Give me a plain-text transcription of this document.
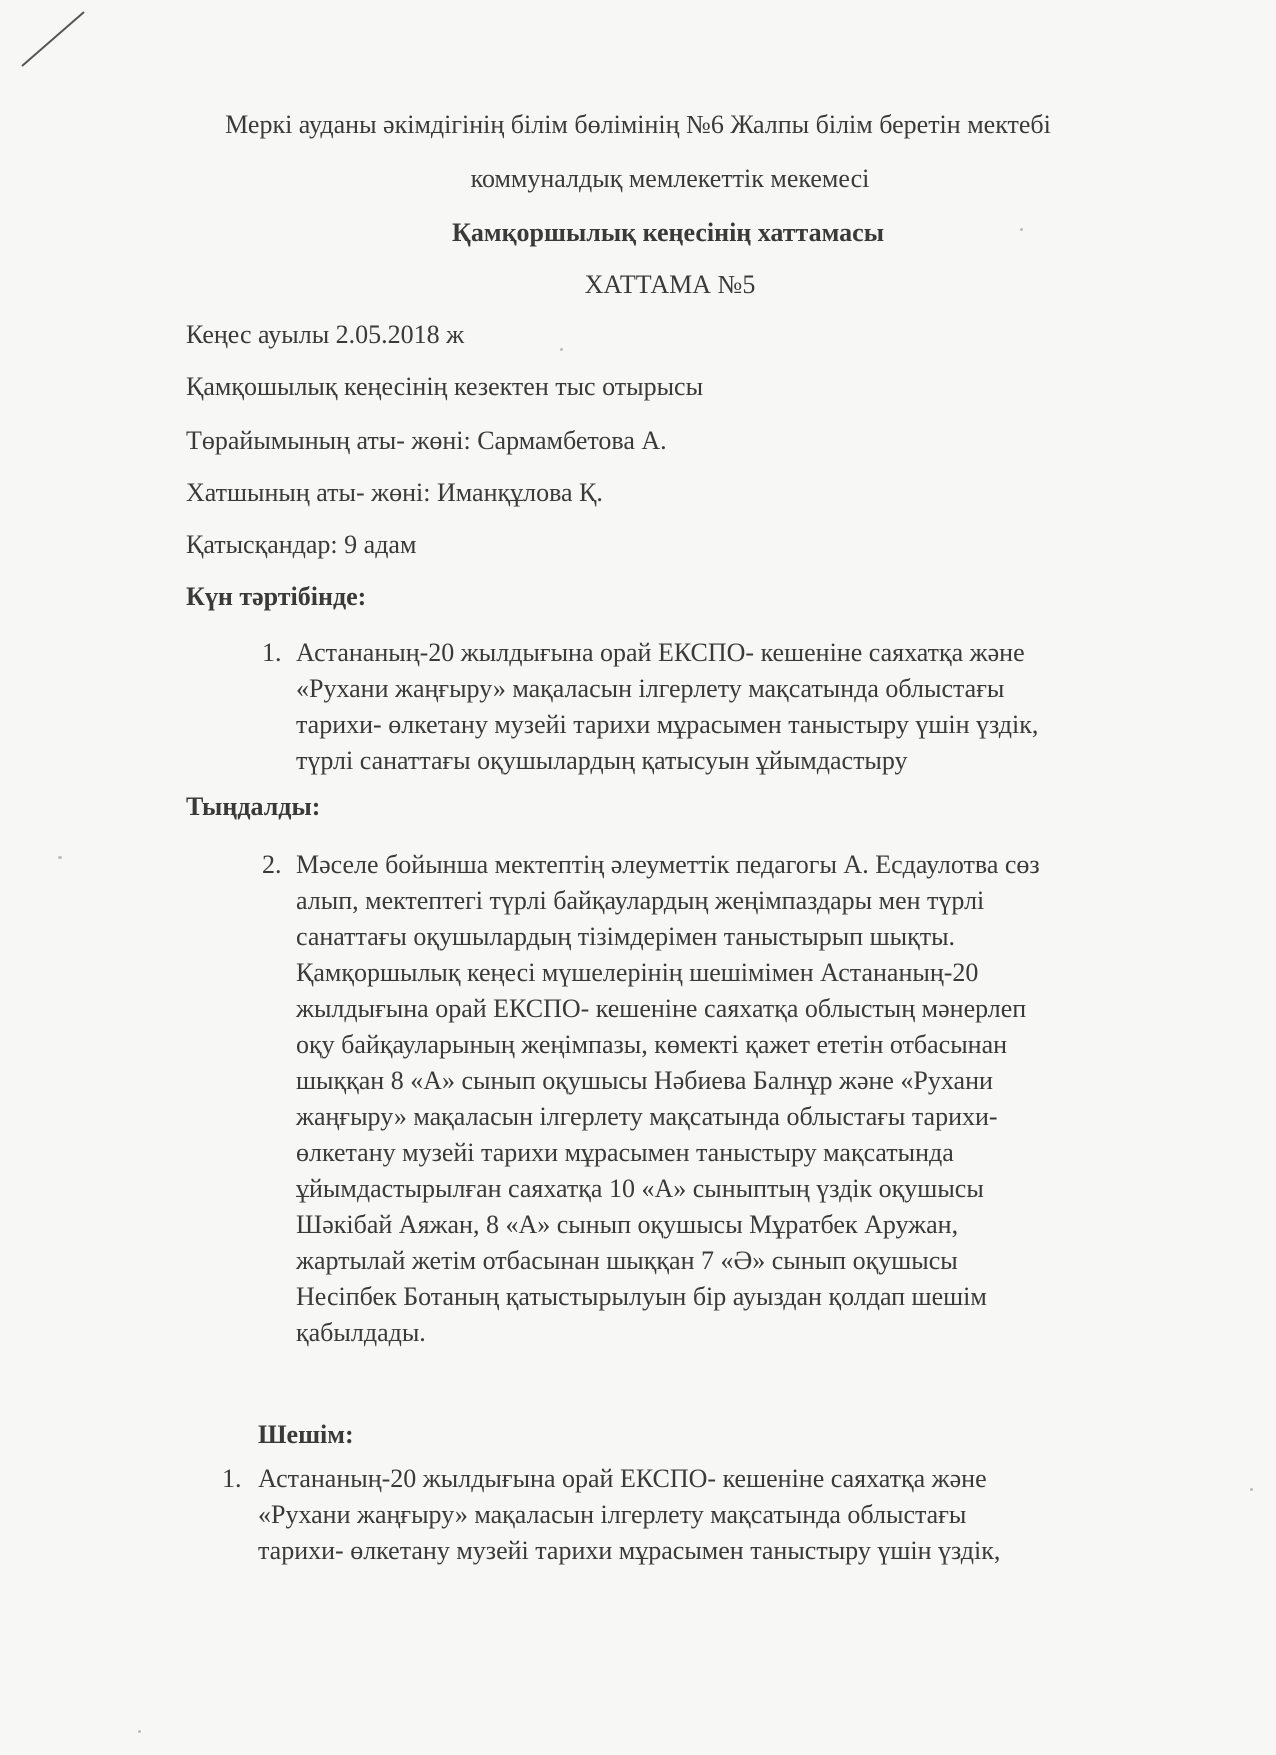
Меркі ауданы әкімдігінің білім бөлімінің №6 Жалпы білім беретін мектебі
коммуналдық мемлекеттік мекемесі
Қамқоршылық кеңесінің хаттамасы
ХАТТАМА №5
Кеңес ауылы 2.05.2018 ж
Қамқошылық кеңесінің кезектен тыс отырысы
Төрайымының аты- жөні: Сармамбетова А.
Хатшының аты- жөні: Иманқұлова Қ.
Қатысқандар: 9 адам
Күн тәртібінде:
1. Астананың-20 жылдығына орай ЕКСПО- кешеніне саяхатқа және
«Рухани жаңғыру» мақаласын ілгерлету мақсатында облыстағы
тарихи- өлкетану музейі тарихи мұрасымен таныстыру үшін үздік,
түрлі санаттағы оқушылардың қатысуын ұйымдастыру
Тыңдалды:
2. Мәселе бойынша мектептің әлеуметтік педагогы А. Есдаулотва сөз
алып, мектептегі түрлі байқаулардың жеңімпаздары мен түрлі
санаттағы оқушылардың тізімдерімен таныстырып шықты.
Қамқоршылық кеңесі мүшелерінің шешімімен Астананың-20
жылдығына орай ЕКСПО- кешеніне саяхатқа облыстың мәнерлеп
оқу байқауларының жеңімпазы, көмекті қажет ететін отбасынан
шыққан 8 «А» сынып оқушысы Нәбиева Балнұр және «Рухани
жаңғыру» мақаласын ілгерлету мақсатында облыстағы тарихи-
өлкетану музейі тарихи мұрасымен таныстыру мақсатында
ұйымдастырылған саяхатқа 10 «А» сыныптың үздік оқушысы
Шәкібай Аяжан, 8 «А» сынып оқушысы Мұратбек Аружан,
жартылай жетім отбасынан шыққан 7 «Ә» сынып оқушысы
Несіпбек Ботаның қатыстырылуын бір ауыздан қолдап шешім
қабылдады.
Шешім:
1. Астананың-20 жылдығына орай ЕКСПО- кешеніне саяхатқа және
«Рухани жаңғыру» мақаласын ілгерлету мақсатында облыстағы
тарихи- өлкетану музейі тарихи мұрасымен таныстыру үшін үздік,
